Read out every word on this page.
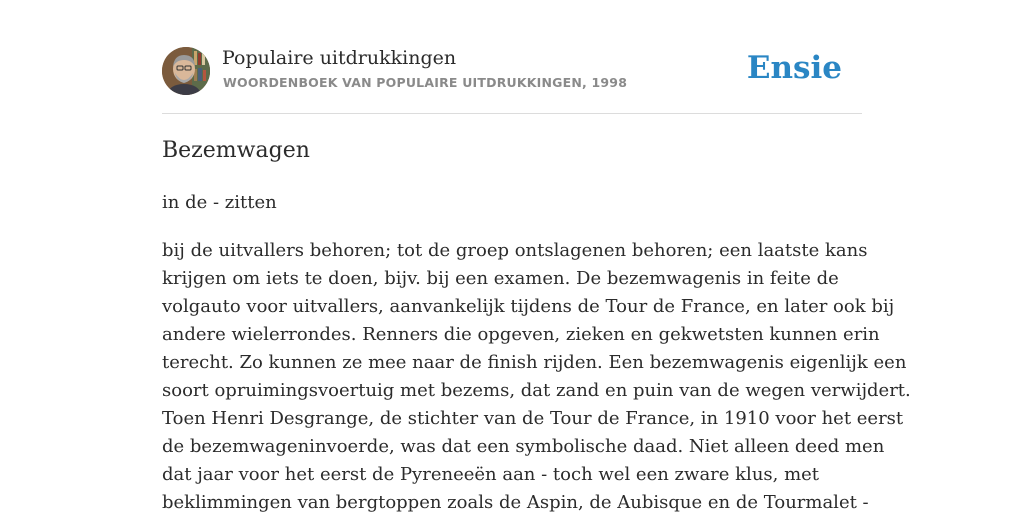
Populaire uitdrukkingen
WOORDENBOEK VAN POPULAIRE UITDRUKKINGEN, 1998	Ensie
Bezemwagen
in de - zitten
bij de uitvallers behoren; tot de groep ontslagenen behoren; een laatste kans
krijgen om iets te doen, bijv. bij een examen. De bezemwagenis in feite de
volgauto voor uitvallers, aanvankelijk tijdens de Tour de France, en later ook bij
andere wielerrondes. Renners die opgeven, zieken en gekwetsten kunnen erin
terecht. Zo kunnen ze mee naar de finish rijden. Een bezemwagenis eigenlijk een
soort opruimingsvoertuig met bezems, dat zand en puin van de wegen verwijdert.
Toen Henri Desgrange, de stichter van de Tour de France, in 1910 voor het eerst
de bezemwageninvoerde, was dat een symbolische daad. Niet alleen deed men
dat jaar voor het eerst de Pyreneeën aan - toch wel een zware klus, met
beklimmingen van bergtoppen zoals de Aspin, de Aubisque en de Tourmalet -
